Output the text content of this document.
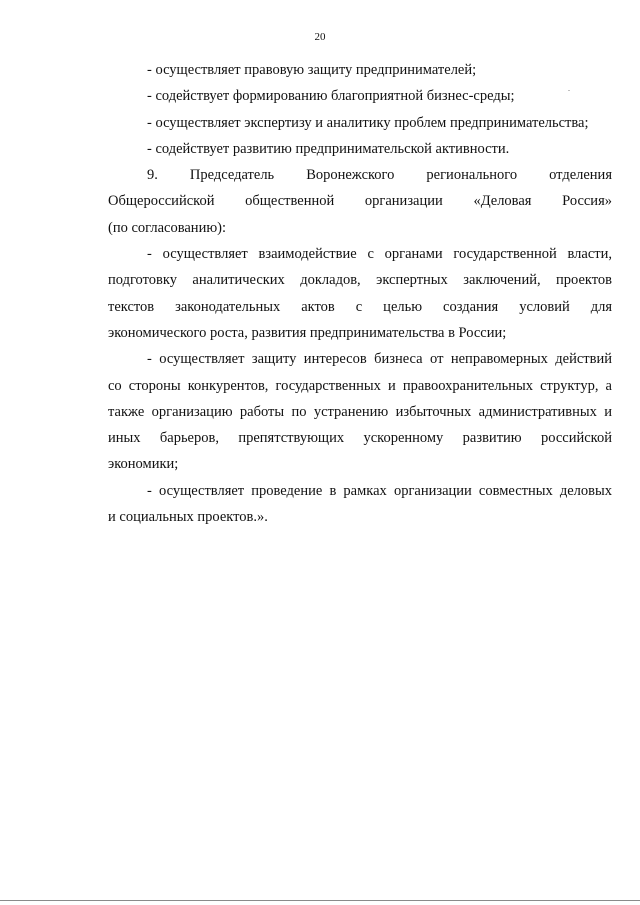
20
- осуществляет правовую защиту предпринимателей;
- содействует формированию благоприятной бизнес-среды;
- осуществляет экспертизу и аналитику проблем предпринимательства;
- содействует развитию предпринимательской активности.
9. Председатель Воронежского регионального отделения
Общероссийской общественной организации «Деловая Россия»
(по согласованию):
- осуществляет взаимодействие с органами государственной власти,
подготовку аналитических докладов, экспертных заключений, проектов
текстов законодательных актов с целью создания условий для
экономического роста, развития предпринимательства в России;
- осуществляет защиту интересов бизнеса от неправомерных действий
со стороны конкурентов, государственных и правоохранительных структур, а
также организацию работы по устранению избыточных административных и
иных барьеров, препятствующих ускоренному развитию российской
экономики;
- осуществляет проведение в рамках организации совместных деловых
и социальных проектов.».
